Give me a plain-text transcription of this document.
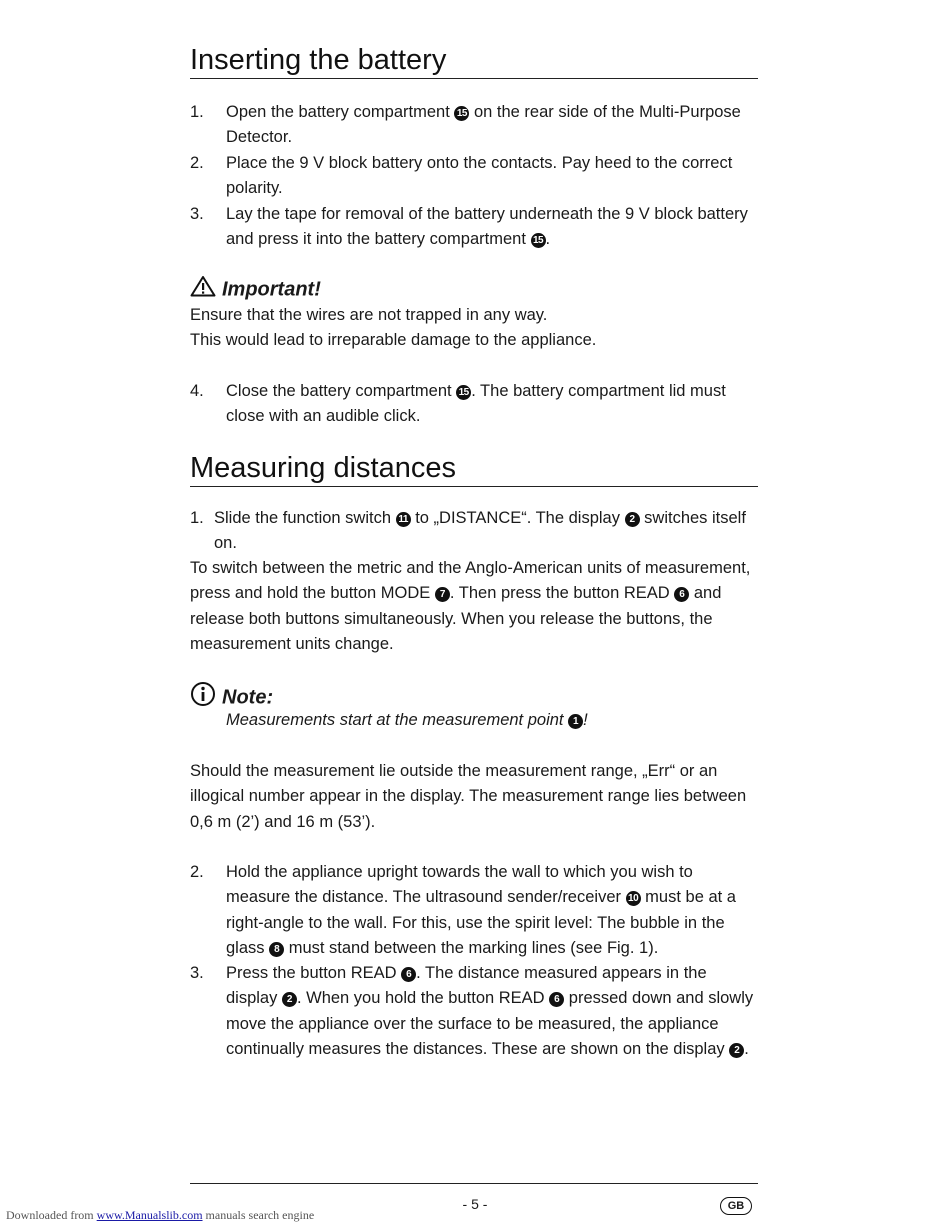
Inserting the battery
1.	Open the battery compartment 15 on the rear side of the Multi-Purpose Detector.
2.	Place the 9 V block battery onto the contacts. Pay heed to the correct polarity.
3.	Lay the tape for removal of the battery underneath the 9 V block battery and press it into the battery compartment 15 .
Important!
Ensure that the wires are not trapped in any way.
This would lead to irreparable damage to the appliance.
4.	Close the battery compartment 15 . The battery compartment lid must close with an audible click.
Measuring distances
1. Slide the function switch 11 to „DISTANCE“. The display 2 switches itself on.
To switch between the metric and the Anglo-American units of measurement, press and hold the button MODE 7 . Then press the button READ 6 and release both buttons simultaneously. When you release the buttons, the measurement units change.
Note:
Measurements start at the measurement point 1 !
Should the measurement lie outside the measurement range, „Err“ or an illogical number appear in the display. The measurement range lies between 0,6 m (2’) and 16 m (53’).
2.	Hold the appliance upright towards the wall to which you wish to measure the distance. The ultrasound sender/receiver 10 must be at a right-angle to the wall. For this, use the spirit level: The bubble in the glass 8 must stand between the marking lines (see Fig. 1).
3.	Press the button READ 6 . The distance measured appears in the display 2 . When you hold the button READ 6 pressed down and slowly move the appliance over the surface to be measured, the appliance continually measures the distances. These are shown on the display 2 .
- 5 -	GB
Downloaded from www.Manualslib.com manuals search engine
